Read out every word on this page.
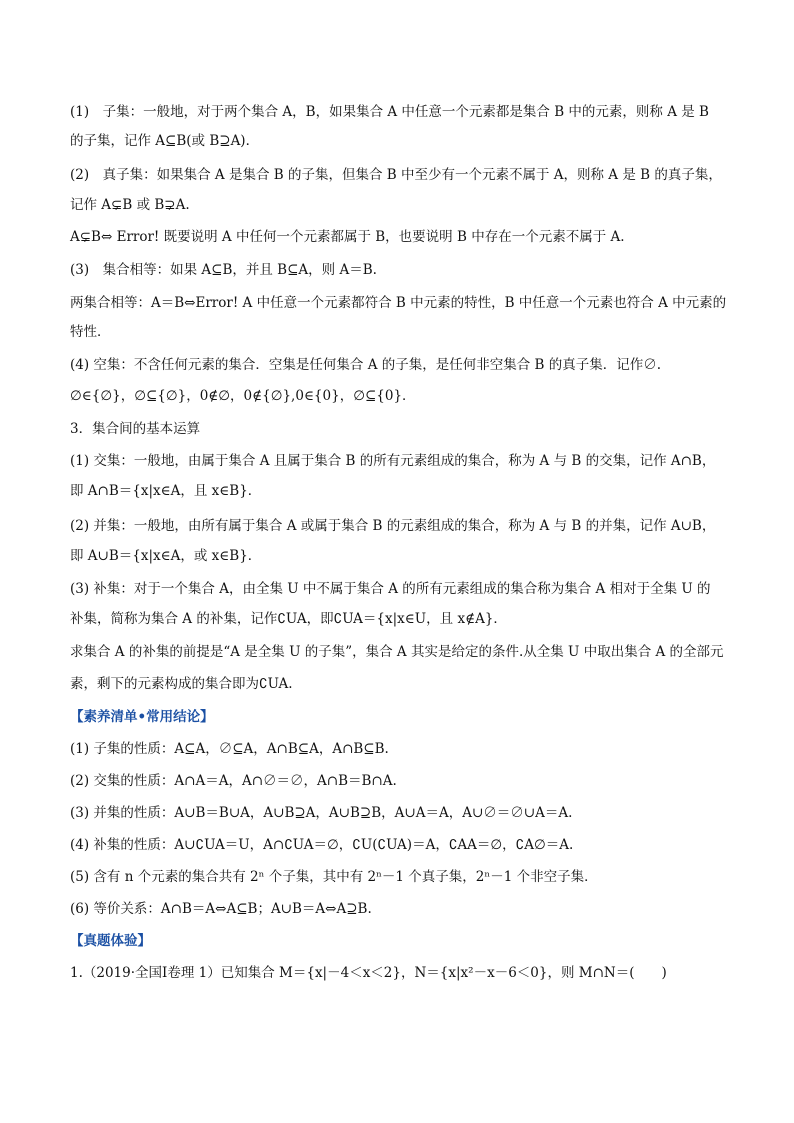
(1)　子集：一般地，对于两个集合 A，B，如果集合 A 中任意一个元素都是集合 B 中的元素，则称 A 是 B
的子集，记作 A⊆B(或 B⊇A)．
(2)　真子集：如果集合 A 是集合 B 的子集，但集合 B 中至少有一个元素不属于 A，则称 A 是 B 的真子集，
记作 A⊊B 或 B⊋A.
A⊊B⇔ Error! 既要说明 A 中任何一个元素都属于 B，也要说明 B 中存在一个元素不属于 A.
(3)　集合相等：如果 A⊆B，并且 B⊆A，则 A＝B.
两集合相等：A＝B⇔Error! A 中任意一个元素都符合 B 中元素的特性，B 中任意一个元素也符合 A 中元素的
特性．
(4) 空集：不含任何元素的集合．空集是任何集合 A 的子集，是任何非空集合 B 的真子集．记作∅.
∅∈{∅}，∅⊆{∅}，0∉∅，0∉{∅},0∈{0}，∅⊆{0}．
3．集合间的基本运算
(1) 交集：一般地，由属于集合 A 且属于集合 B 的所有元素组成的集合，称为 A 与 B 的交集，记作 A∩B，
即 A∩B＝{x|x∈A，且 x∈B}．
(2) 并集：一般地，由所有属于集合 A 或属于集合 B 的元素组成的集合，称为 A 与 B 的并集，记作 A∪B，
即 A∪B＝{x|x∈A，或 x∈B}．
(3) 补集：对于一个集合 A，由全集 U 中不属于集合 A 的所有元素组成的集合称为集合 A 相对于全集 U 的
补集，简称为集合 A 的补集，记作∁UA，即∁UA＝{x|x∈U，且 x∉A}．
求集合 A 的补集的前提是“A 是全集 U 的子集”，集合 A 其实是给定的条件.从全集 U 中取出集合 A 的全部元
素，剩下的元素构成的集合即为∁UA.
【素养清单•常用结论】
(1) 子集的性质：A⊆A，∅⊆A，A∩B⊆A，A∩B⊆B.
(2) 交集的性质：A∩A＝A，A∩∅＝∅，A∩B＝B∩A.
(3) 并集的性质：A∪B＝B∪A，A∪B⊇A，A∪B⊇B，A∪A＝A，A∪∅＝∅∪A＝A.
(4) 补集的性质：A∪∁UA＝U，A∩∁UA＝∅，∁U(∁UA)＝A，∁AA＝∅，∁A∅＝A.
(5) 含有 n 个元素的集合共有 2ⁿ 个子集，其中有 2ⁿ－1 个真子集，2ⁿ－1 个非空子集．
(6) 等价关系：A∩B＝A⇔A⊆B；A∪B＝A⇔A⊇B.
【真题体验】
1.（2019·全国Ⅰ卷理 1）已知集合 M＝{x|－4＜x＜2}，N＝{x|x²－x－6＜0}，则 M∩N＝(　　)
